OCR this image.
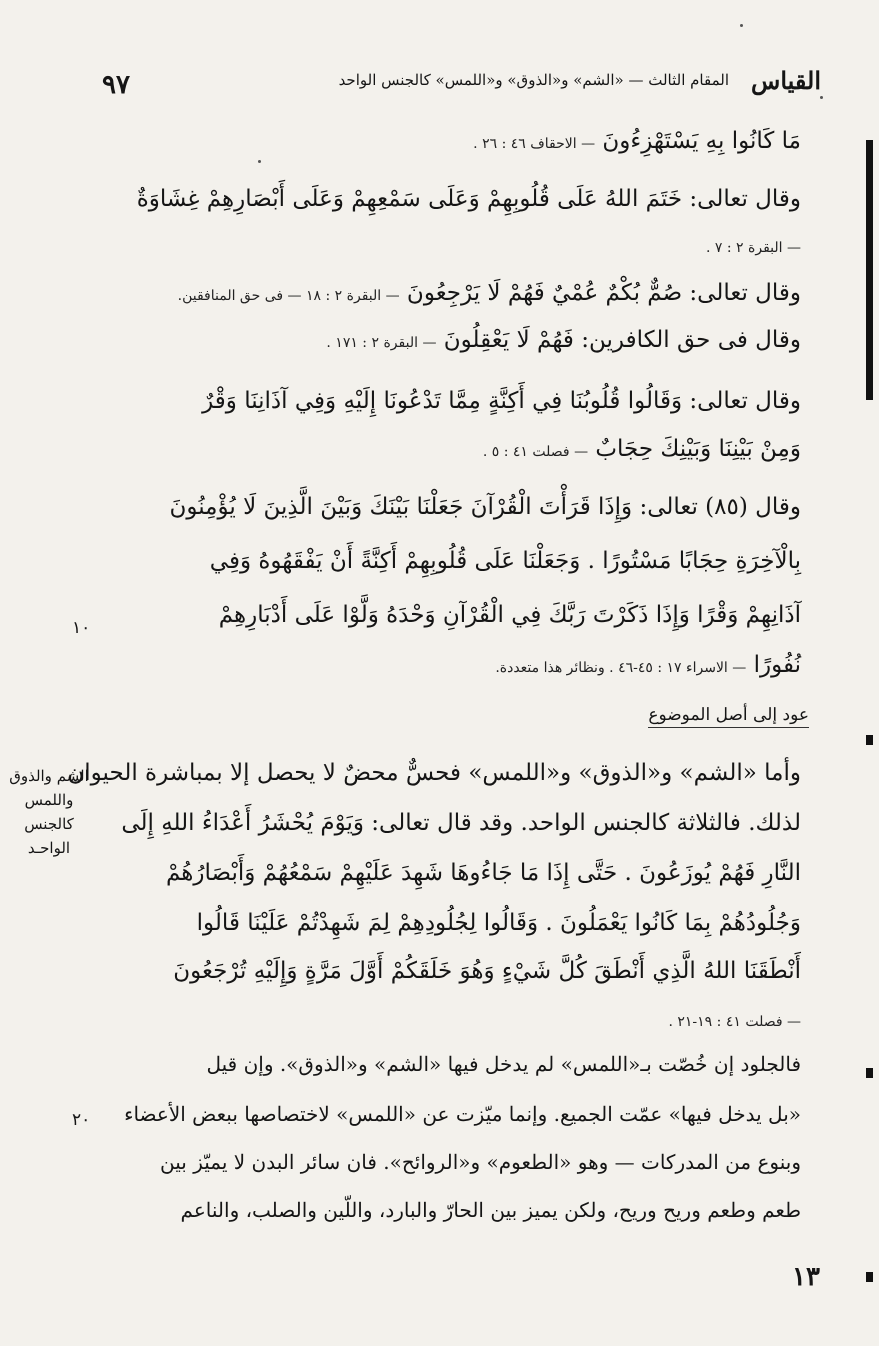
القياس
المقام الثالث — «الشم» و«الذوق» و«اللمس» كالجنس الواحد
٩٧
مَا كَانُوا بِهِ يَسْتَهْزِءُونَ — الاحقاف ٤٦ : ٢٦ .
وقال تعالى: خَتَمَ اللهُ عَلَى قُلُوبِهِمْ وَعَلَى سَمْعِهِمْ وَعَلَى أَبْصَارِهِمْ غِشَاوَةٌ
— البقرة ٢ : ٧ .
وقال تعالى: صُمٌّ بُكْمٌ عُمْيٌ فَهُمْ لَا يَرْجِعُونَ — البقرة ٢ : ١٨ — فى حق المنافقين.
وقال فى حق الكافرين: فَهُمْ لَا يَعْقِلُونَ — البقرة ٢ : ١٧١ .
وقال تعالى: وَقَالُوا قُلُوبُنَا فِي أَكِنَّةٍ مِمَّا تَدْعُونَا إِلَيْهِ وَفِي آذَانِنَا وَقْرٌ
وَمِنْ بَيْنِنَا وَبَيْنِكَ حِجَابٌ — فصلت ٤١ : ٥ .
وقال (٨٥) تعالى: وَإِذَا قَرَأْتَ الْقُرْآنَ جَعَلْنَا بَيْنَكَ وَبَيْنَ الَّذِينَ لَا يُؤْمِنُونَ
بِالْآخِرَةِ حِجَابًا مَسْتُورًا . وَجَعَلْنَا عَلَى قُلُوبِهِمْ أَكِنَّةً أَنْ يَفْقَهُوهُ وَفِي
آذَانِهِمْ وَقْرًا وَإِذَا ذَكَرْتَ رَبَّكَ فِي الْقُرْآنِ وَحْدَهُ وَلَّوْا عَلَى أَدْبَارِهِمْ
نُفُورًا — الاسراء ١٧ : ٤٥-٤٦ . ونظائر هذا متعددة.
١٠
عود إلى أصل الموضوع
الشم والذوق واللمس كالجنس الواحـد
وأما «الشم» و«الذوق» و«اللمس» فحسٌّ محضٌ لا يحصل إلا بمباشرة الحيوان
لذلك. فالثلاثة كالجنس الواحد. وقد قال تعالى: وَيَوْمَ يُحْشَرُ أَعْدَاءُ اللهِ إِلَى
النَّارِ فَهُمْ يُوزَعُونَ . حَتَّى إِذَا مَا جَاءُوهَا شَهِدَ عَلَيْهِمْ سَمْعُهُمْ وَأَبْصَارُهُمْ
وَجُلُودُهُمْ بِمَا كَانُوا يَعْمَلُونَ . وَقَالُوا لِجُلُودِهِمْ لِمَ شَهِدْتُمْ عَلَيْنَا قَالُوا
أَنْطَقَنَا اللهُ الَّذِي أَنْطَقَ كُلَّ شَيْءٍ وَهُوَ خَلَقَكُمْ أَوَّلَ مَرَّةٍ وَإِلَيْهِ تُرْجَعُونَ
— فصلت ٤١ : ١٩-٢١ .
فالجلود إن خُصّت بـ«اللمس» لم يدخل فيها «الشم» و«الذوق». وإن قيل
«بل يدخل فيها» عمّت الجميع. وإنما ميّزت عن «اللمس» لاختصاصها ببعض الأعضاء
وبنوع من المدركات — وهو «الطعوم» و«الروائح». فان سائر البدن لا يميّز بين
طعم وطعم وريح وريح، ولكن يميز بين الحارّ والبارد، واللّين والصلب، والناعم
٢٠
١٣
